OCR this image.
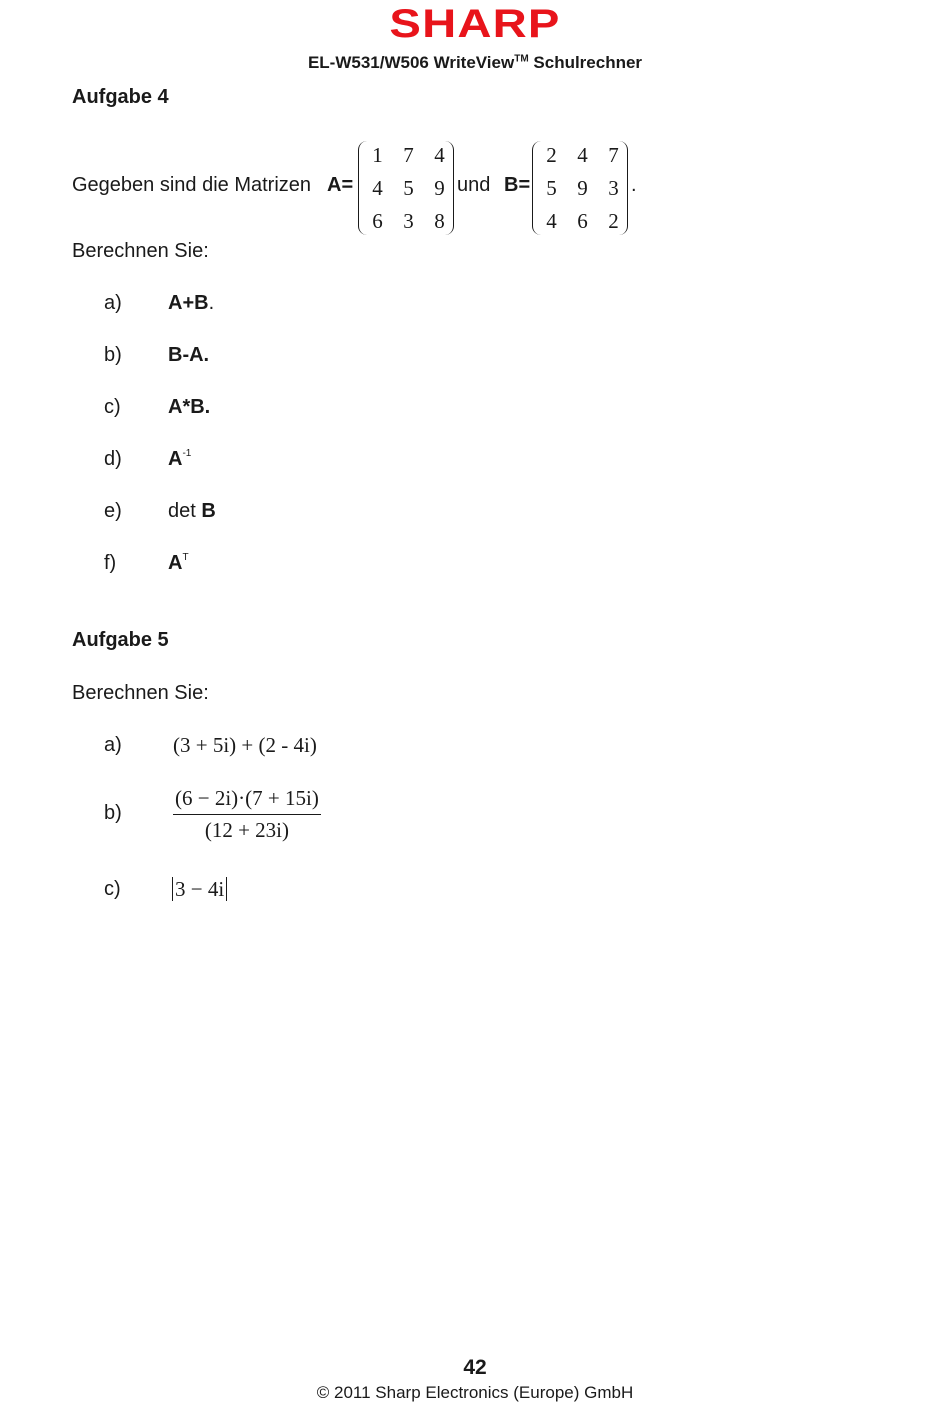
SHARP
EL-W531/W506 WriteView™ Schulrechner
Aufgabe 4
Gegeben sind die Matrizen A=
1 7 4
4 5 9
6 3 8
und B=
2 4 7
5 9 3
4 6 2
.
Berechnen Sie:
a) A+B.
b) B-A.
c) A*B.
d) $A^{-1}$
e) det B
f)	$A^T$
Aufgabe 5
Berechnen Sie:
a) (3 + 5i) + (2 - 4i)
$b) \frac{(6 - 2i)\cdot(7 + 15i)}{(12 + 23i)}$
c)	3 − 4i
42
© 2011 Sharp Electronics (Europe) GmbH
